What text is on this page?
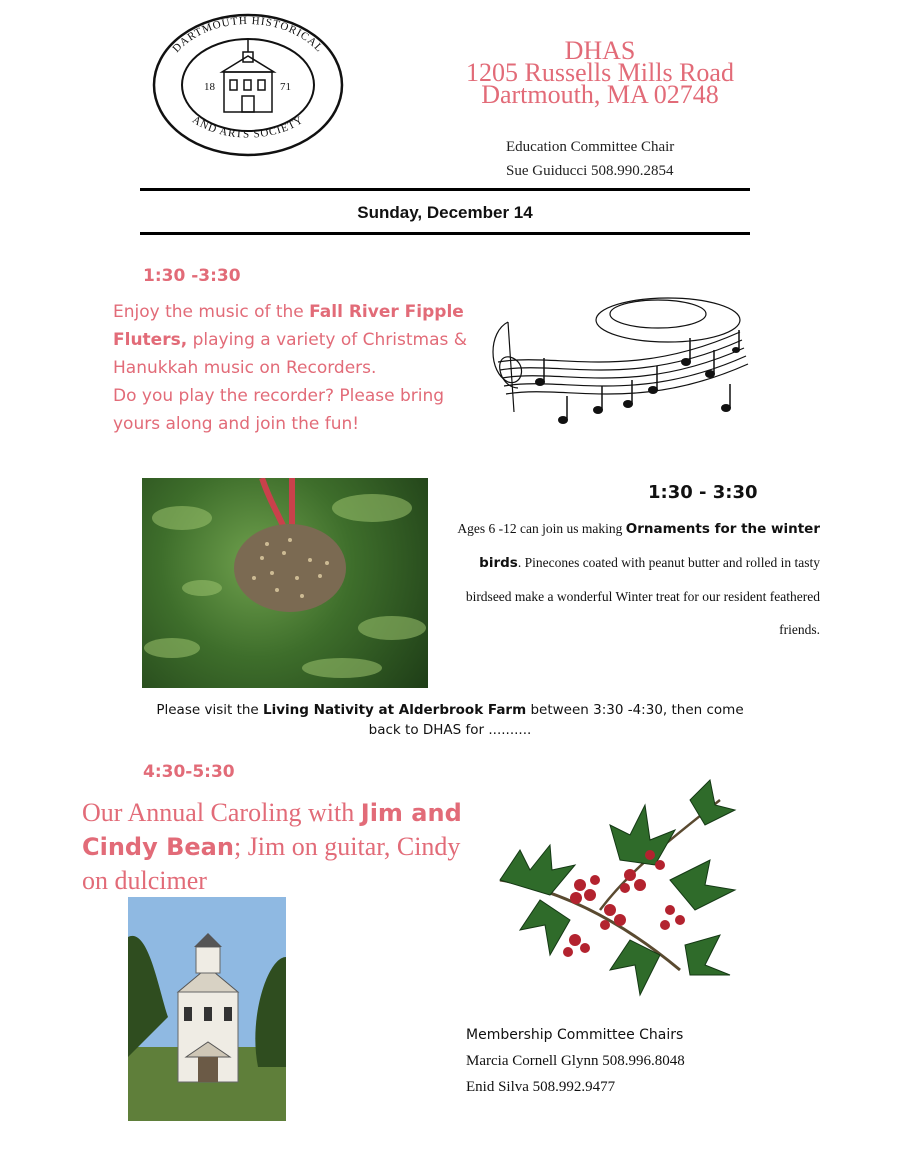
DARTMOUTH HISTORICAL
AND ARTS SOCIETY
18	71
DHAS
1205 Russells Mills Road
Dartmouth, MA 02748
Education Committee Chair
Sue Guiducci 508.990.2854
Sunday, December 14
1:30 -3:30
Enjoy the music of the Fall River Fipple Fluters, playing a variety of Christmas & Hanukkah music on Recorders.
Do you play the recorder? Please bring yours along and join the fun!
1:30 - 3:30
Ages 6 -12 can join us making Ornaments for the winter birds. Pinecones coated with peanut butter and rolled in tasty birdseed make a wonderful Winter treat for our resident feathered friends.
Please visit the Living Nativity at Alderbrook Farm between 3:30 -4:30, then come back to DHAS for ..........
4:30-5:30
Our Annual Caroling with Jim and Cindy Bean; Jim on guitar, Cindy on dulcimer
Membership Committee Chairs
Marcia Cornell Glynn 508.996.8048
Enid Silva 508.992.9477
